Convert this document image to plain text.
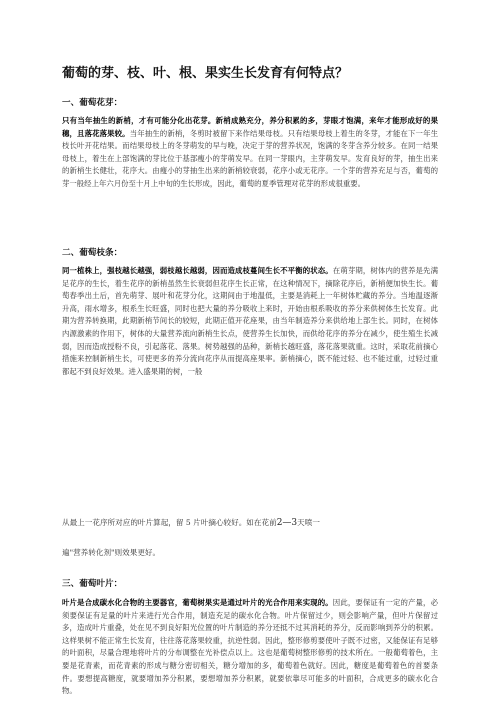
葡萄的芽、枝、叶、根、果实生长发育有何特点？
一、葡萄花芽：
只有当年抽生的新梢，才有可能分化出花芽。新梢成熟充分，养分积累的多，芽眼才饱满，来年才能形成好的果穗，且落花落果较。当年抽生的新梢，冬剪时被留下来作结果母枝。只有结果母枝上着生的冬芽，才能在下一年生枝长叶开花结果。而结果母枝上的冬芽萌发的早与晚，决定于芽的营养状况，饱满的冬芽含养分较多。在同一结果母枝上，着生在上部饱满的芽比位于基部瘦小的芽萌发早。在同一芽眼内，主芽萌发早。发育良好的芽，抽生出来的新梢生长健壮，花序大。由瘦小的芽抽生出来的新梢较衰弱，花序小或无花序。一个芽的营养充足与否，葡萄的芽一般经上年六月份至十月上中旬的生长形成，因此，葡萄的夏季管理对花芽的形成很重要。
二、葡萄枝条：
同一植株上，强枝越长越强，弱枝越长越弱，因而造成枝蔓间生长不平衡的状态。在萌芽期，树体内的营养是先满足花序的生长，着生花序的新梢虽然生长衰弱但花序生长正常，在这种情况下，摘除花序后，新梢便加快生长。葡萄春季出土后，首先萌芽、展叶和花芽分化，这期间由于地温低，主要是消耗上一年树体贮藏的养分。当地温逐渐升高，雨水增多，根系生长旺盛，同时也把大量的养分吸收上来时，开始由根系吸收的养分来供树体生长发育。此期为营养转换期，此期新梢节间长的较短，此期正值开花座果，由当年制造养分来供给地上部生长。同时，在树体内源激素的作用下，树体的大量营养流向新梢生长点，使营养生长加快，而供给花序的养分在减少，使生殖生长减弱，因而造成授粉不良，引起落花、落果。树势越强的品种，新梢长越旺盛，落花落果就重。这时，采取花前摘心措施来控制新梢生长，可使更多的养分流向花序从而提高座果率。新梢摘心，既不能过轻、也不能过重，过轻过重都起不到良好效果。进入盛果期的树，一般
从最上一花序所对应的叶片算起，留 5 片叶摘心较好。如在花前2—3天喷一
遍"营养转化剂"则效果更好。
三、葡萄叶片：
叶片是合成碳水化合物的主要器官，葡萄树果实是通过叶片的光合作用来实现的。因此，要保证有一定的产量，必须要保证有足量的叶片来进行光合作用，制造充足的碳水化合物。叶片保留过少，则会影响产量，但叶片保留过多，造成叶片重叠，处在见不到良好阳光位置的叶片制造的养分还抵不过其消耗的养分，反而影响到养分的积累。这样果树不能正常生长发育，往往落花落果较重，抗逆性弱。因此，整形修剪要使叶子既不过密，又能保证有足够的叶面积，尽量合理地将叶片的分布调整在光补偿点以上。这也是葡萄树整形修剪的技术所在。一般葡萄着色，主要是花青素，而花青素的形成与糖分密切相关，糖分增加的多，葡萄着色就好。因此，糖度是葡萄着色的首要条件。要想提高糖度，就要增加养分积累，要想增加养分积累，就要依靠尽可能多的叶面积，合成更多的碳水化合物。
